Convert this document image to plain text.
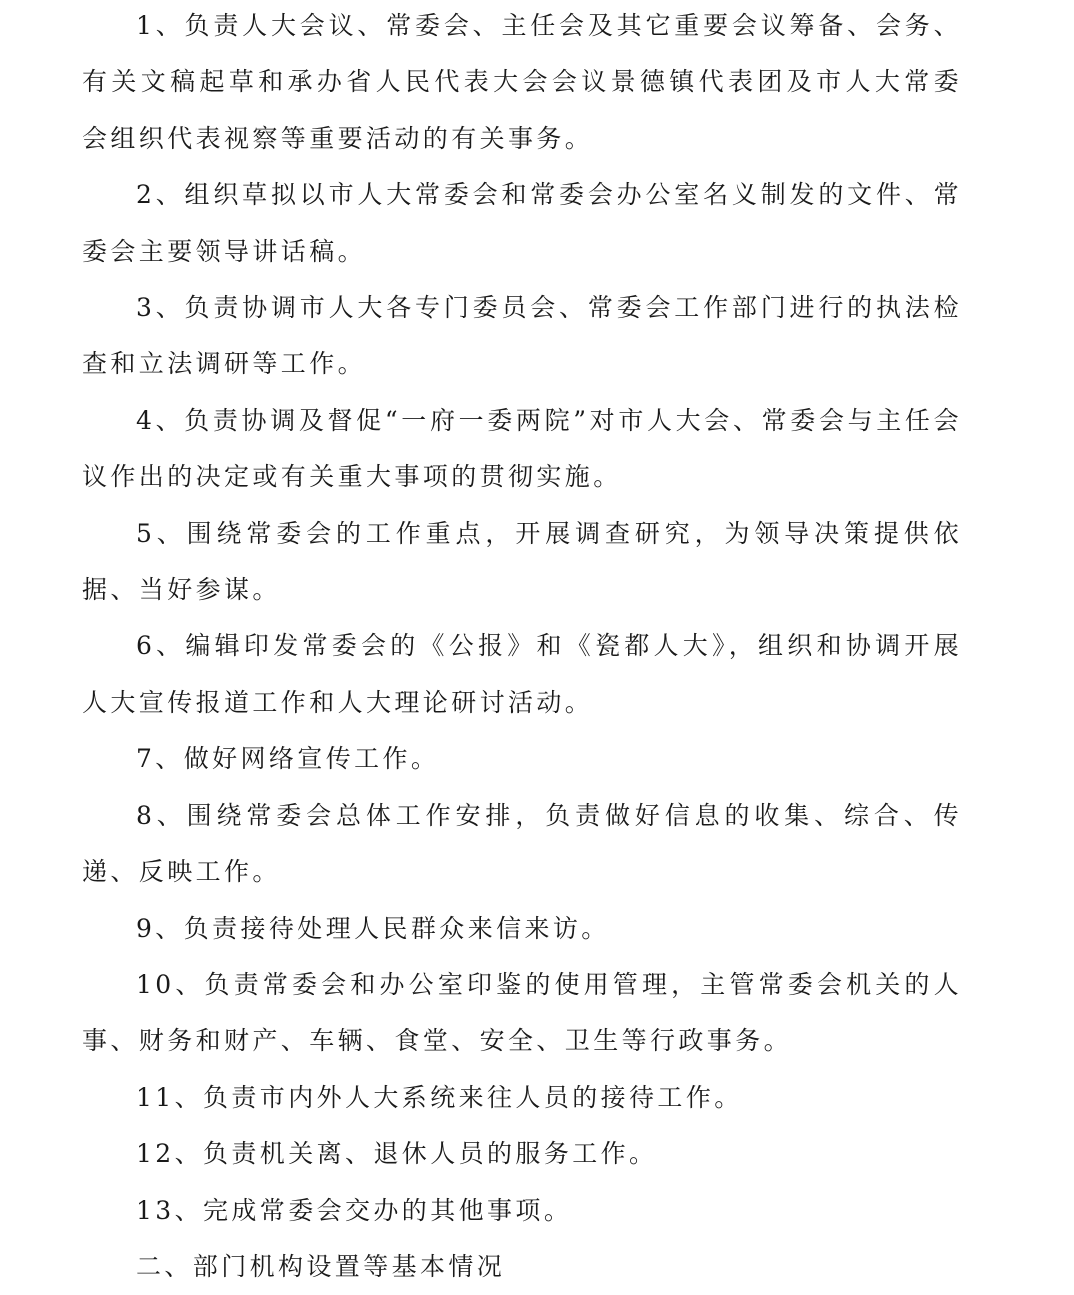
1、负责人大会议、常委会、主任会及其它重要会议筹备、会务、有关文稿起草和承办省人民代表大会会议景德镇代表团及市人大常委会组织代表视察等重要活动的有关事务。

2、组织草拟以市人大常委会和常委会办公室名义制发的文件、常委会主要领导讲话稿。

3、负责协调市人大各专门委员会、常委会工作部门进行的执法检查和立法调研等工作。

4、负责协调及督促“一府一委两院”对市人大会、常委会与主任会议作出的决定或有关重大事项的贯彻实施。

5、围绕常委会的工作重点，开展调查研究，为领导决策提供依据、当好参谋。

6、编辑印发常委会的《公报》和《瓷都人大》，组织和协调开展人大宣传报道工作和人大理论研讨活动。

7、做好网络宣传工作。

8、围绕常委会总体工作安排，负责做好信息的收集、综合、传递、反映工作。

9、负责接待处理人民群众来信来访。

10、负责常委会和办公室印鉴的使用管理，主管常委会机关的人事、财务和财产、车辆、食堂、安全、卫生等行政事务。

11、负责市内外人大系统来往人员的接待工作。

12、负责机关离、退休人员的服务工作。

13、完成常委会交办的其他事项。

二、部门机构设置等基本情况
